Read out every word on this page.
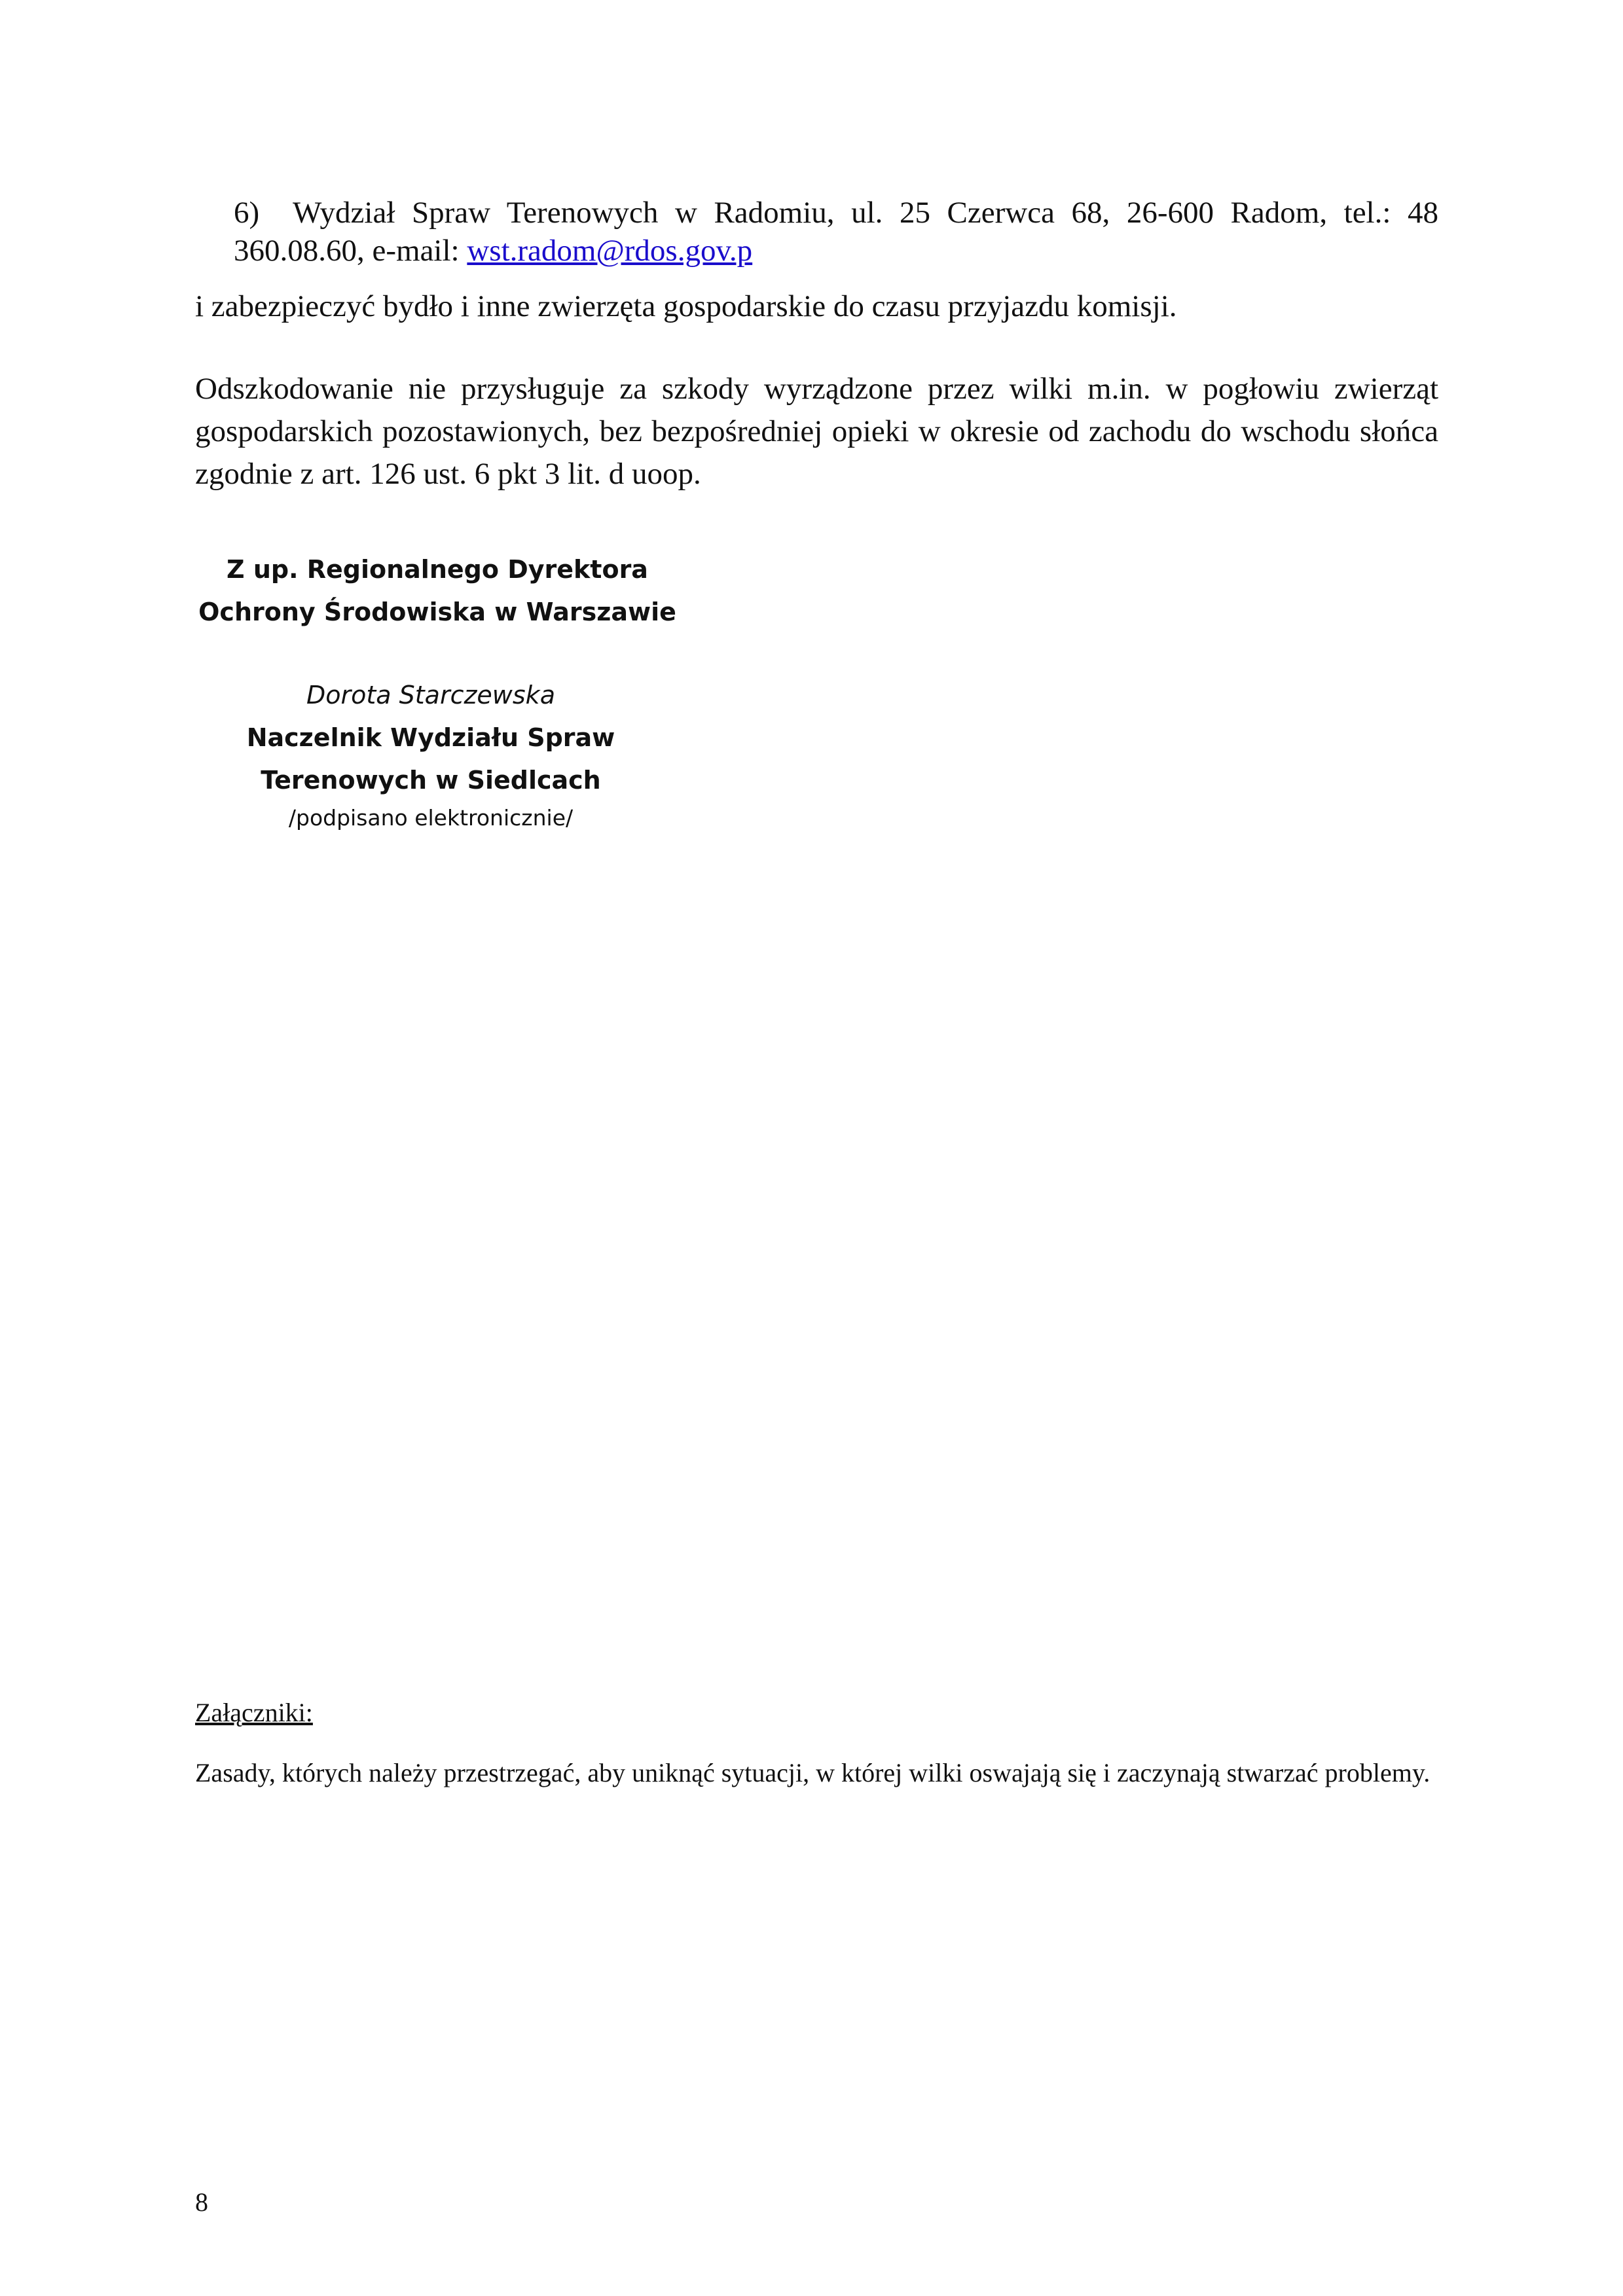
6) Wydział Spraw Terenowych w Radomiu, ul. 25 Czerwca 68, 26-600 Radom, tel.: 48 360.08.60, e-mail: wst.radom@rdos.gov.p
i zabezpieczyć bydło i inne zwierzęta gospodarskie do czasu przyjazdu komisji.
Odszkodowanie nie przysługuje za szkody wyrządzone przez wilki m.in. w pogłowiu zwierząt gospodarskich pozostawionych, bez bezpośredniej opieki w okresie od zachodu do wschodu słońca zgodnie z art. 126 ust. 6 pkt 3 lit. d uoop.
Z up. Regionalnego Dyrektora
Ochrony Środowiska w Warszawie
Dorota Starczewska
Naczelnik Wydziału Spraw
Terenowych w Siedlcach
/podpisano elektronicznie/
Załączniki:
Zasady, których należy przestrzegać, aby uniknąć sytuacji, w której wilki oswajają się i zaczynają stwarzać problemy.
8
